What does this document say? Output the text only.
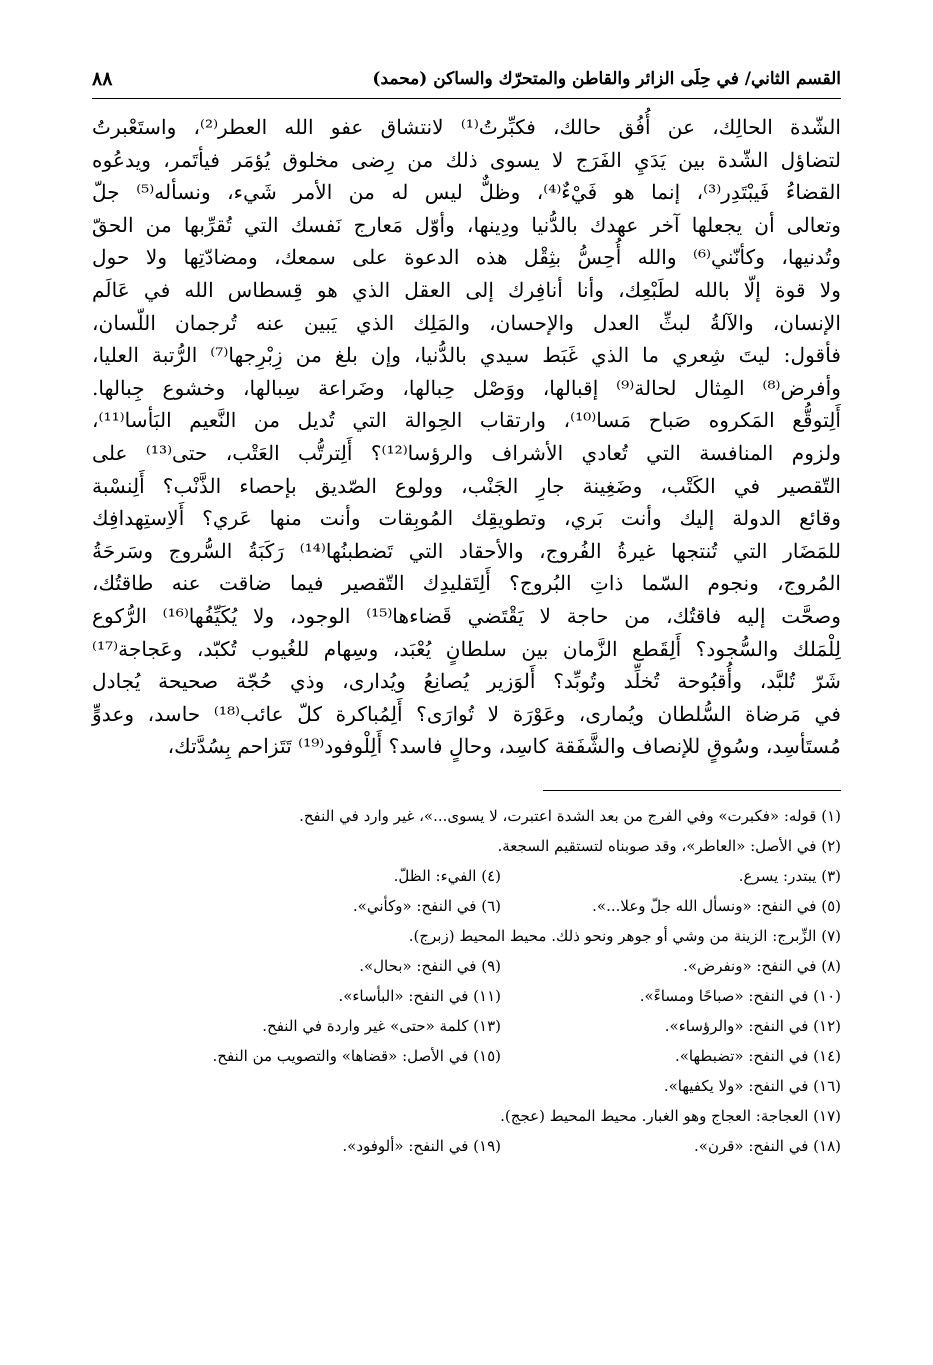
القسم الثاني/ في حِلَى الزائر والقاطن والمتحرّك والساكن (محمد)
٨٨

الشّدة الحالِك، عن أُفُق حالك، فكبِّرتُ⁽¹⁾ لانتشاق عفو الله العطر⁽²⁾، واستَعْبرتُ

لتضاؤل الشّدة بين يَدَيِ الفَرَج لا يسوى ذلك من رِضى مخلوق يُؤمَر فيأتَمر، ويدعُوه

القضاءُ فَيبْتَدِر⁽³⁾، إنما هو فَيْءٌ⁽⁴⁾، وظلٌّ ليس له من الأمر شَيء، ونسأله⁽⁵⁾ جلّ

وتعالى أن يجعلها آخر عهدك بالدُّنيا ودِينها، وأوّل مَعارج نَفسك التي تُقرِّبها من الحقّ

وتُدنيها، وكأنّني⁽⁶⁾ والله أُحِسُّ بثِقْل هذه الدعوة على سمعك، ومضادّتِها ولا حول

ولا قوة إلّا بالله لطَبْعِك، وأنا أنافِرك إلى العقل الذي هو قِسطاس الله في عَالَم

الإنسان، والآلةُ لبثِّ العدل والإحسان، والمَلِك الذي يَبين عنه تُرجمان اللّسان،

فأقول: ليتَ شِعري ما الذي غَبَط سيدي بالدُّنيا، وإن بلغ من زِبْرِجها⁽⁷⁾ الرُّتبة العليا،

وأفرض⁽⁸⁾ المِثال لحالة⁽⁹⁾ إقبالها، ووَصْل حِبالها، وضَراعة سِبالها، وخشوع جِبالها.

أَلِتوقُّع المَكروه صَباح مَسا⁽¹⁰⁾، وارتقاب الحِوالة التي تُديل من النَّعيم البَأسا⁽¹¹⁾،

ولزوم المنافسة التي تُعادي الأشراف والرؤسا⁽¹²⁾؟ أَلِترتُّب العَتْب، حتى⁽¹³⁾ على

التّقصير في الكَتْب، وضَغِينة جارِ الجَنْب، وولوع الصّديق بإحصاء الذَّنْب؟ أَلِنسْبة

وقائع الدولة إليك وأنت بَري، وتطويقِك المُوبِقات وأنت منها عَري؟ أَلاِستِهدافِك

للمَضَار التي تُنتجها غيرةُ الفُروج، والأحقاد التي تَضطبنُها⁽¹⁴⁾ رَكَبَةُ السُّروج وسَرحَةُ

المُروج، ونجوم السّما ذاتِ البُروج؟ أَلِتَقليدِك التّقصير فيما ضاقت عنه طاقتُك،

وصحَّت إليه فاقتُك، من حاجة لا يَقْتَضي قَضاءها⁽¹⁵⁾ الوجود، ولا يُكَيِّفُها⁽¹⁶⁾ الرُّكوع

لِلْمَلك والسُّجود؟ أَلِقَطع الزَّمان بين سلطانٍ يُعْبَد، وسِهام للغُيوب تُكبّد، وعَجاجة⁽¹⁷⁾

شَرّ تُلبَّد، وأُقبُوحة تُخلِّد وتُوبِّد؟ أَلوَزير يُصانِعُ ويُدارى، وذي حُجّة صحيحة يُجادل

في مَرضاة السُّلطان ويُمارى، وعَوْرَة لا تُوارَى؟ أَلِمُباكرة كلّ عائب⁽¹⁸⁾ حاسد، وعدوٍّ

مُستَأسِد، وسُوقٍ للإنصاف والشَّفَقة كاسِد، وحالٍ فاسد؟ أَلِلْوفود⁽¹⁹⁾ تَتَزاحم بِسُدَّتك،

(١) قوله: «فكبرت» وفي الفرج من بعد الشدة اعتبرت، لا يسوى...»، غير وارد في النفح.
(٢) في الأصل: «العاطر»، وقد صوبناه لتستقيم السجعة.
(٣) يبتدر: يسرع.
(٤) الفيء: الظلّ.
(٥) في النفح: «ونسأل الله جلّ وعلا...».
(٦) في النفح: «وكأني».
(٧) الزِّبرج: الزينة من وشي أو جوهر ونحو ذلك. محيط المحيط (زبرج).
(٨) في النفح: «ونفرض».
(٩) في النفح: «بحال».
(١٠) في النفح: «صباحًا ومساءً».
(١١) في النفح: «البأساء».
(١٢) في النفح: «والرؤساء».
(١٣) كلمة «حتى» غير واردة في النفح.
(١٤) في النفح: «تضبطها».
(١٥) في الأصل: «قضاها» والتصويب من النفح.
(١٦) في النفح: «ولا يكفيها».
(١٧) العجاجة: العجاج وهو الغبار. محيط المحيط (عجج).
(١٨) في النفح: «قرن».
(١٩) في النفح: «ألوفود».
